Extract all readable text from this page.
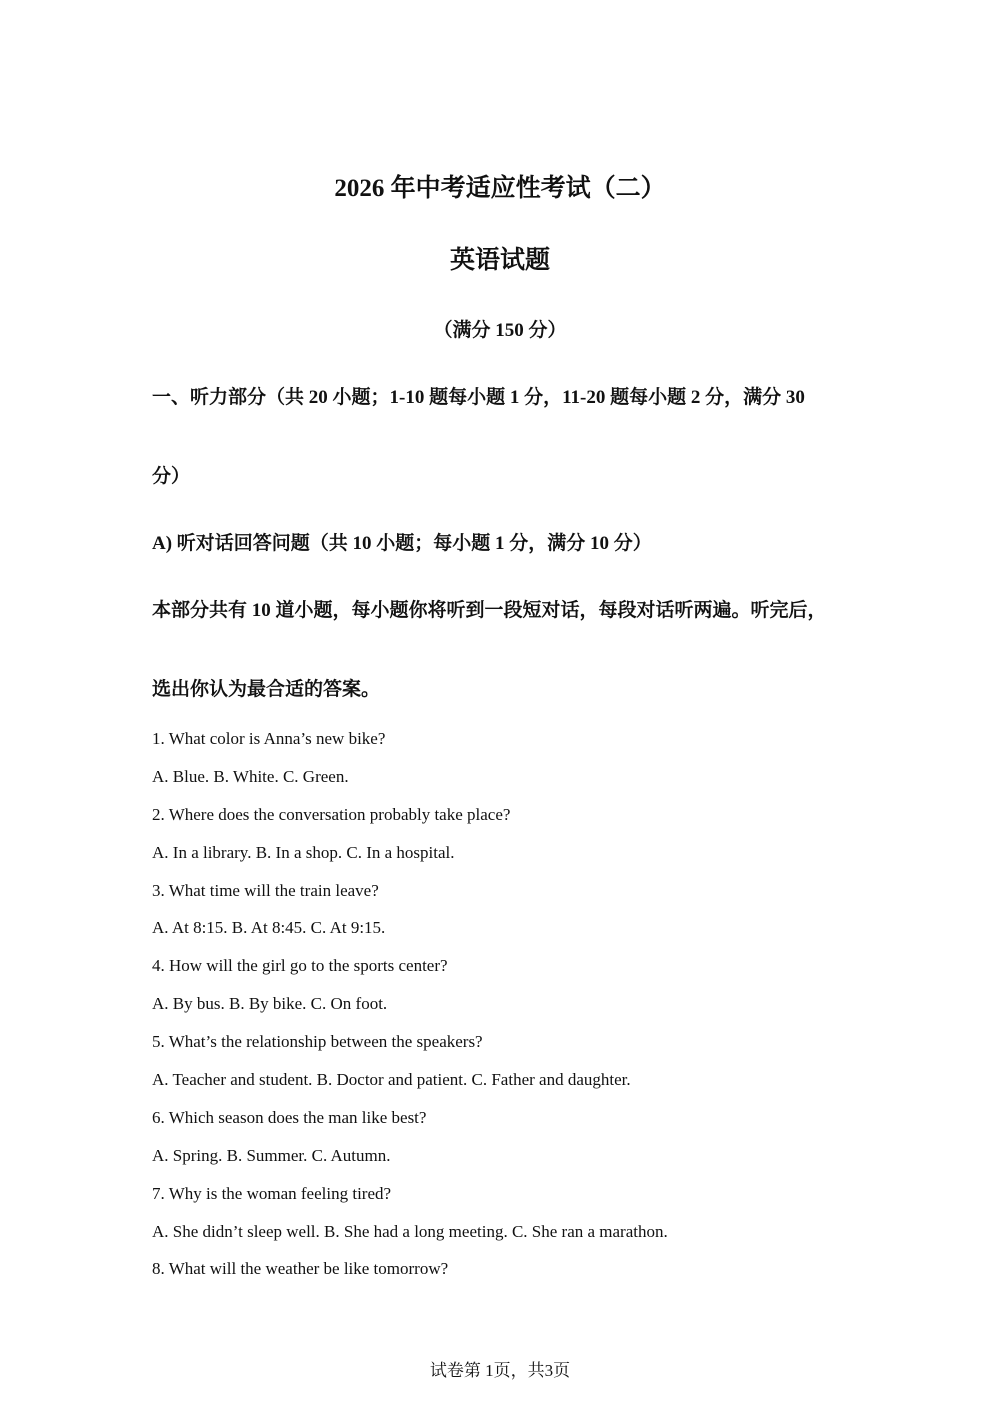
2026 年中考适应性考试（二）
英语试题
（满分 150 分）
一、听力部分（共 20 小题；1-10 题每小题 1 分，11-20 题每小题 2 分，满分 30
分）
A) 听对话回答问题（共 10 小题；每小题 1 分，满分 10 分）
本部分共有 10 道小题，每小题你将听到一段短对话，每段对话听两遍。听完后，
选出你认为最合适的答案。
1. What color is Anna’s new bike?
A. Blue. B. White. C. Green.
2. Where does the conversation probably take place?
A. In a library. B. In a shop. C. In a hospital.
3. What time will the train leave?
A. At 8:15. B. At 8:45. C. At 9:15.
4. How will the girl go to the sports center?
A. By bus. B. By bike. C. On foot.
5. What’s the relationship between the speakers?
A. Teacher and student. B. Doctor and patient. C. Father and daughter.
6. Which season does the man like best?
A. Spring. B. Summer. C. Autumn.
7. Why is the woman feeling tired?
A. She didn’t sleep well. B. She had a long meeting. C. She ran a marathon.
8. What will the weather be like tomorrow?
试卷第 1页，共3页
